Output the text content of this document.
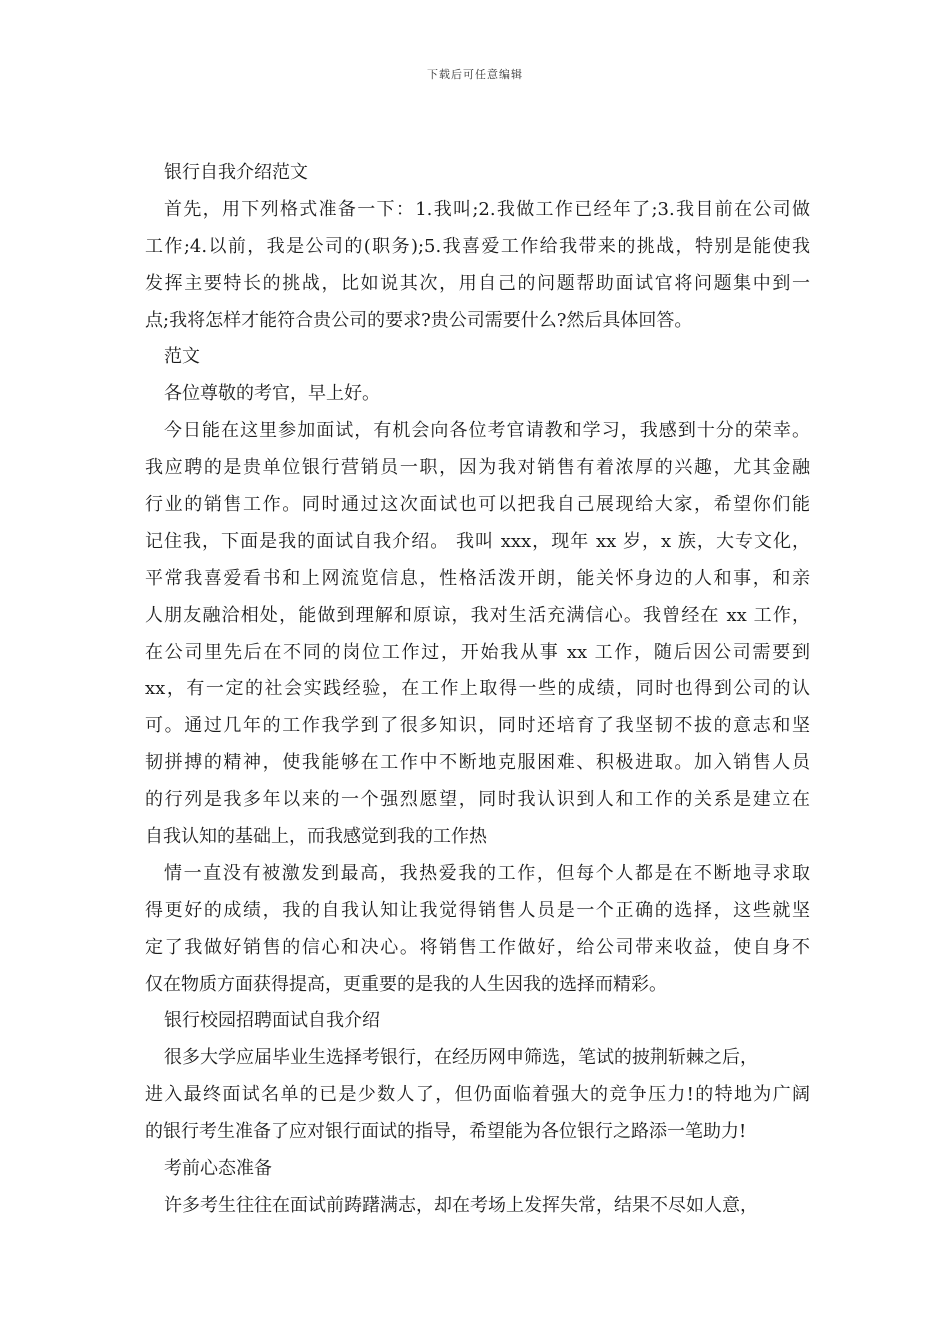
下载后可任意编辑
银行自我介绍范文
首先，用下列格式准备一下：1.我叫;2.我做工作已经年了;3.我目前在公司做
工作;4.以前，我是公司的(职务);5.我喜爱工作给我带来的挑战，特别是能使我
发挥主要特长的挑战，比如说其次，用自己的问题帮助面试官将问题集中到一
点;我将怎样才能符合贵公司的要求?贵公司需要什么?然后具体回答。
范文
各位尊敬的考官，早上好。
今日能在这里参加面试，有机会向各位考官请教和学习，我感到十分的荣幸。
我应聘的是贵单位银行营销员一职，因为我对销售有着浓厚的兴趣，尤其金融
行业的销售工作。同时通过这次面试也可以把我自己展现给大家，希望你们能
记住我，下面是我的面试自我介绍。 我叫 xxx，现年 xx 岁，x 族，大专文化，
平常我喜爱看书和上网流览信息，性格活泼开朗，能关怀身边的人和事，和亲
人朋友融洽相处，能做到理解和原谅，我对生活充满信心。我曾经在 xx 工作，
在公司里先后在不同的岗位工作过，开始我从事 xx 工作，随后因公司需要到
xx，有一定的社会实践经验，在工作上取得一些的成绩，同时也得到公司的认
可。通过几年的工作我学到了很多知识，同时还培育了我坚韧不拔的意志和坚
韧拼搏的精神，使我能够在工作中不断地克服困难、积极进取。加入销售人员
的行列是我多年以来的一个强烈愿望，同时我认识到人和工作的关系是建立在
自我认知的基础上，而我感觉到我的工作热
情一直没有被激发到最高，我热爱我的工作，但每个人都是在不断地寻求取
得更好的成绩，我的自我认知让我觉得销售人员是一个正确的选择，这些就坚
定了我做好销售的信心和决心。将销售工作做好，给公司带来收益，使自身不
仅在物质方面获得提高，更重要的是我的人生因我的选择而精彩。
银行校园招聘面试自我介绍
很多大学应届毕业生选择考银行，在经历网申筛选，笔试的披荆斩棘之后，
进入最终面试名单的已是少数人了，但仍面临着强大的竞争压力!的特地为广阔
的银行考生准备了应对银行面试的指导，希望能为各位银行之路添一笔助力!
考前心态准备
许多考生往往在面试前踌躇满志，却在考场上发挥失常，结果不尽如人意，
